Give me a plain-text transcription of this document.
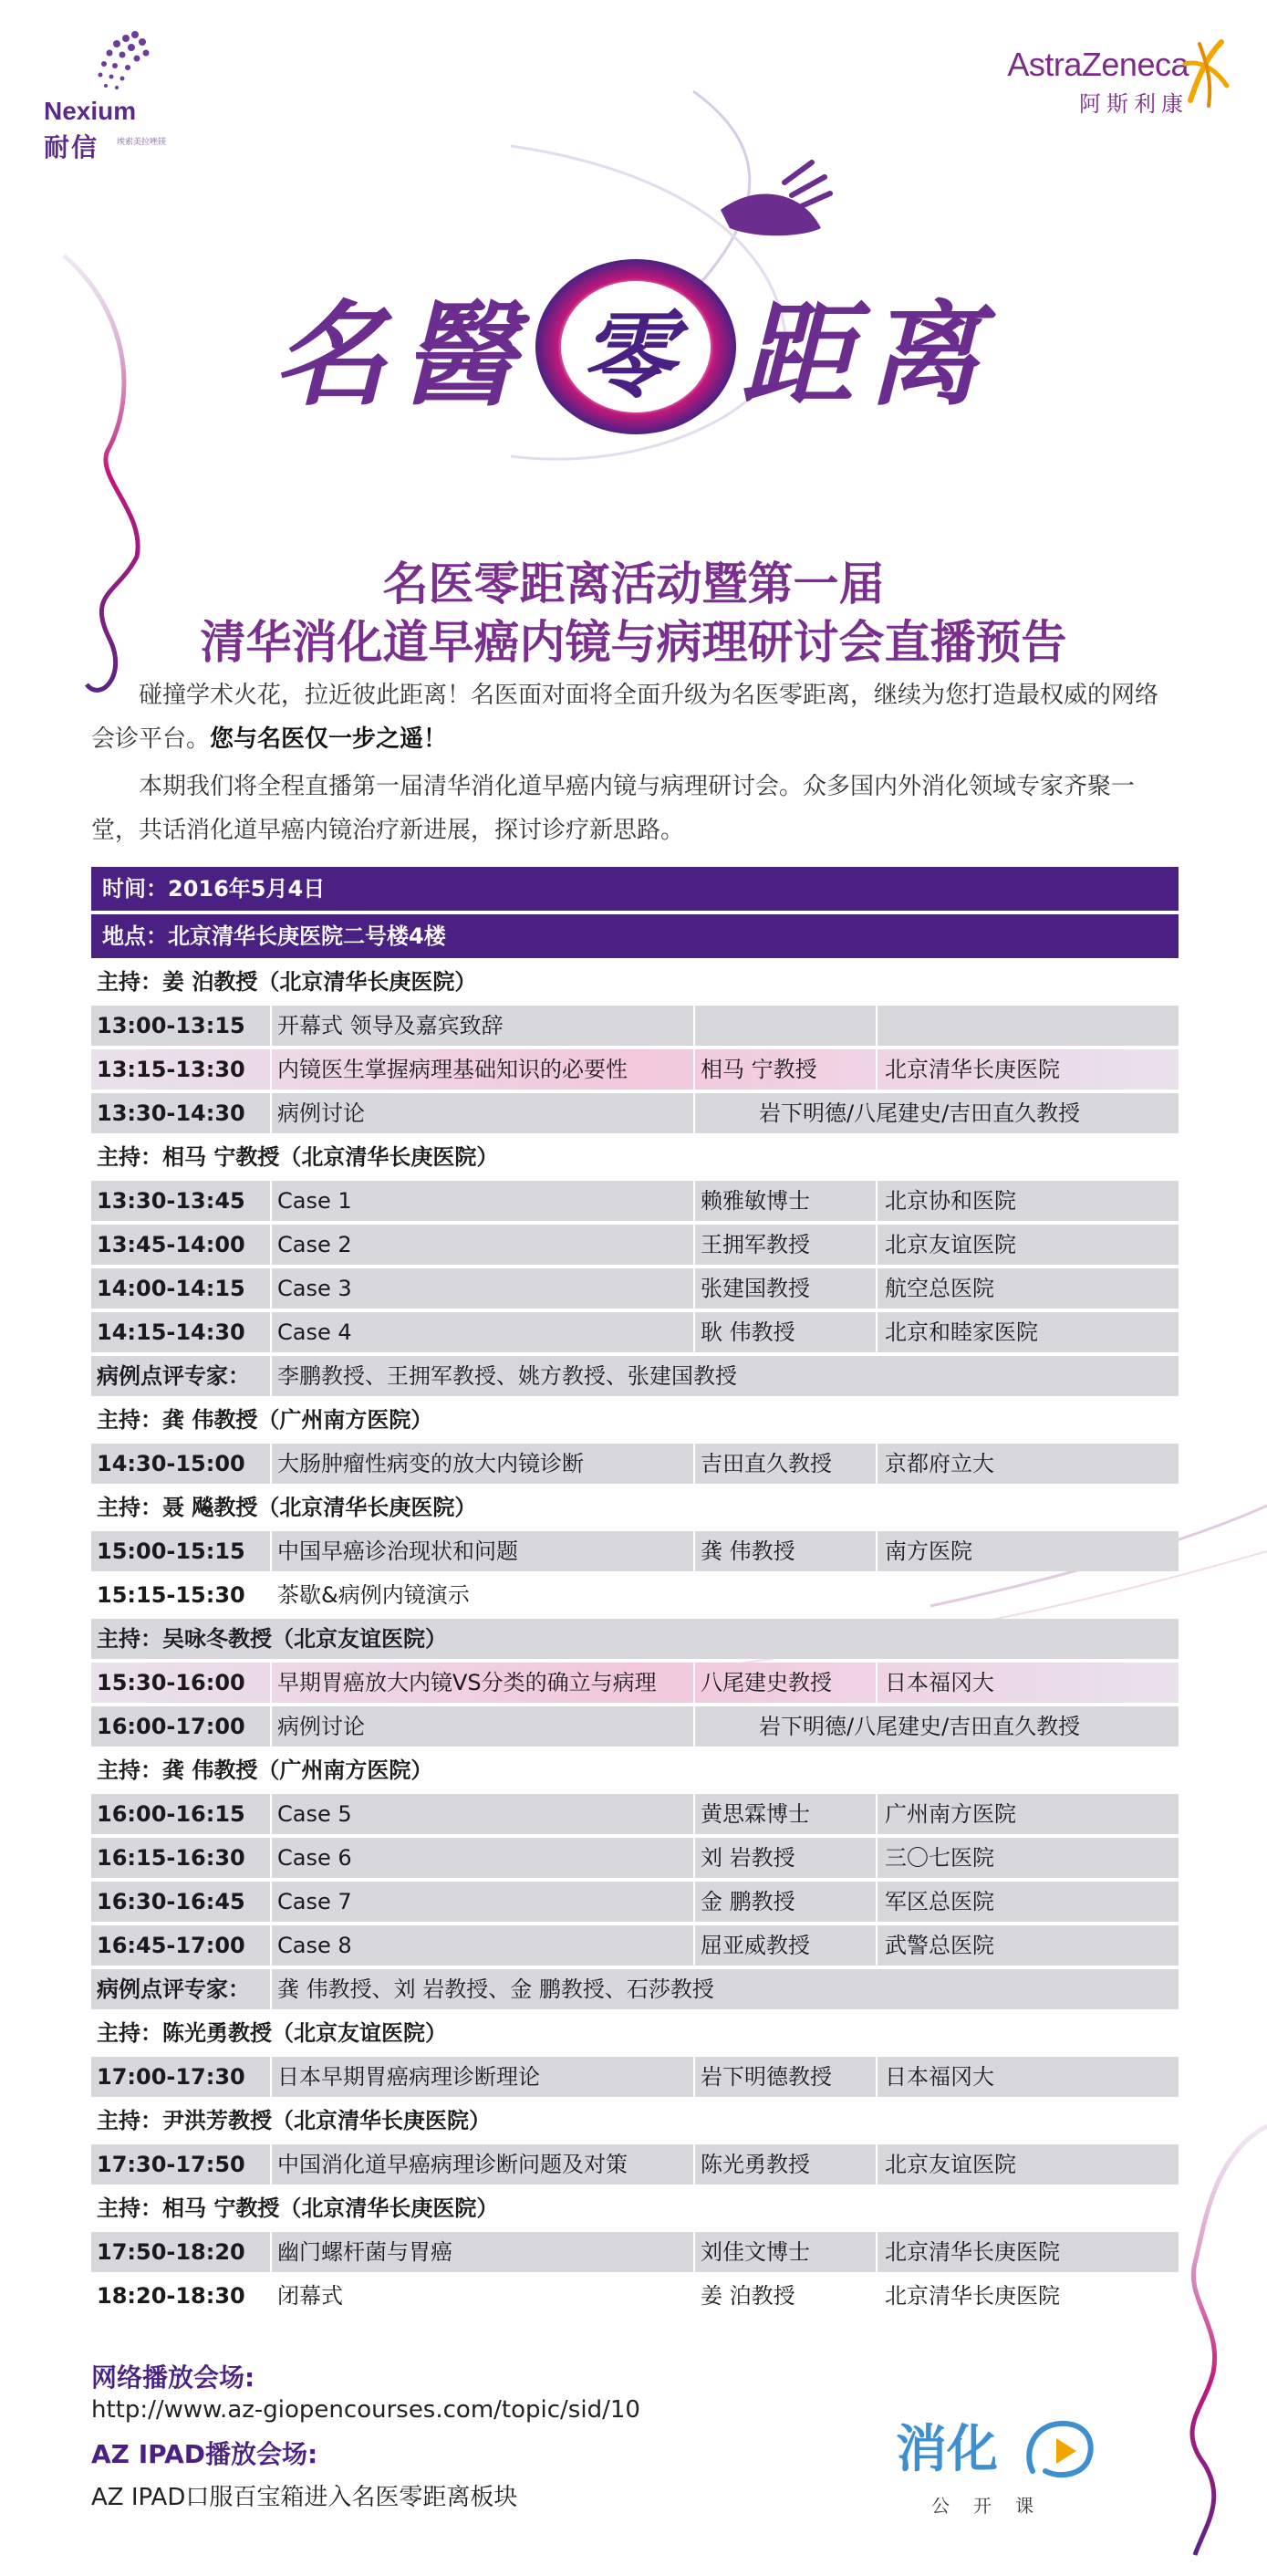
Nexium
耐信 埃索美拉唑镁
AstraZeneca
阿斯利康
名 醫 零 距 离
名医零距离活动暨第一届
清华消化道早癌内镜与病理研讨会直播预告
碰撞学术火花，拉近彼此距离！名医面对面将全面升级为名医零距离，继续为您打造最权威的网络会诊平台。您与名医仅一步之遥！
本期我们将全程直播第一届清华消化道早癌内镜与病理研讨会。众多国内外消化领域专家齐聚一堂，共话消化道早癌内镜治疗新进展，探讨诊疗新思路。
时间：2016年5月4日
地点：北京清华长庚医院二号楼4楼
主持：姜 泊教授（北京清华长庚医院）
13:00-13:15	开幕式 领导及嘉宾致辞
13:15-13:30	内镜医生掌握病理基础知识的必要性	相马 宁教授	北京清华长庚医院
13:30-14:30	病例讨论	岩下明德/八尾建史/吉田直久教授
主持：相马 宁教授（北京清华长庚医院）
13:30-13:45	Case 1	赖雅敏博士	北京协和医院
13:45-14:00	Case 2	王拥军教授	北京友谊医院
14:00-14:15	Case 3	张建国教授	航空总医院
14:15-14:30	Case 4	耿 伟教授	北京和睦家医院
病例点评专家：	李鹏教授、王拥军教授、姚方教授、张建国教授
主持：龚 伟教授（广州南方医院）
14:30-15:00	大肠肿瘤性病变的放大内镜诊断	吉田直久教授	京都府立大
主持：聂 飚教授（北京清华长庚医院）
15:00-15:15	中国早癌诊治现状和问题	龚 伟教授	南方医院
15:15-15:30	茶歇&病例内镜演示
主持：吴咏冬教授（北京友谊医院）
15:30-16:00	早期胃癌放大内镜VS分类的确立与病理	八尾建史教授	日本福冈大
16:00-17:00	病例讨论	岩下明德/八尾建史/吉田直久教授
主持：龚 伟教授（广州南方医院）
16:00-16:15	Case 5	黄思霖博士	广州南方医院
16:15-16:30	Case 6	刘 岩教授	三〇七医院
16:30-16:45	Case 7	金 鹏教授	军区总医院
16:45-17:00	Case 8	屈亚威教授	武警总医院
病例点评专家：	龚 伟教授、刘 岩教授、金 鹏教授、石莎教授
主持：陈光勇教授（北京友谊医院）
17:00-17:30	日本早期胃癌病理诊断理论	岩下明德教授	日本福冈大
主持：尹洪芳教授（北京清华长庚医院）
17:30-17:50	中国消化道早癌病理诊断问题及对策	陈光勇教授	北京友谊医院
主持：相马 宁教授（北京清华长庚医院）
17:50-18:20	幽门螺杆菌与胃癌	刘佳文博士	北京清华长庚医院
18:20-18:30	闭幕式	姜 泊教授	北京清华长庚医院
网络播放会场:
http://www.az-giopencourses.com/topic/sid/10
AZ IPAD播放会场:
AZ IPAD口服百宝箱进入名医零距离板块
消化
公开课
